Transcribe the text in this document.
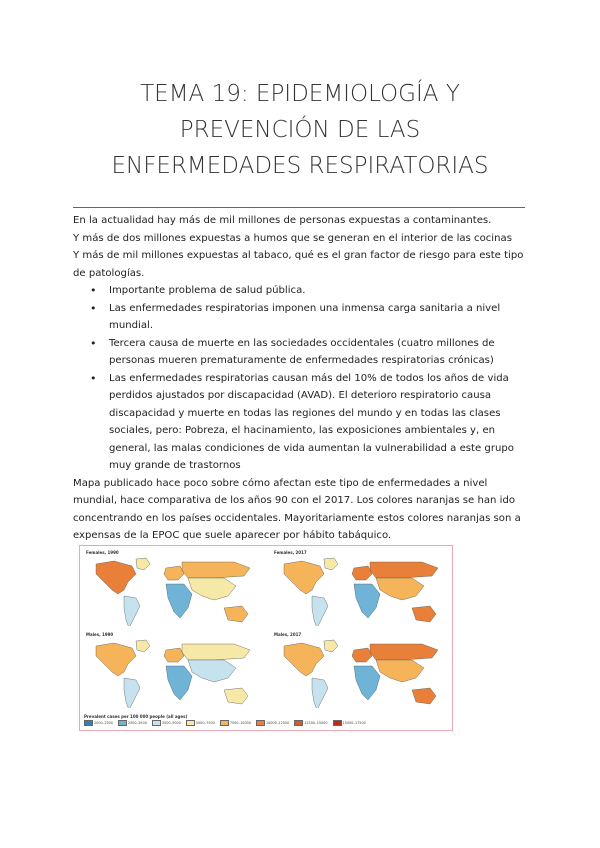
TEMA 19: EPIDEMIOLOGÍA Y
PREVENCIÓN DE LAS
ENFERMEDADES RESPIRATORIAS

En la actualidad hay más de mil millones de personas expuestas a contaminantes.

Y más de dos millones expuestas a humos que se generan en el interior de las cocinas

Y más de mil millones expuestas al tabaco, qué es el gran factor de riesgo para este tipo de patologías.

• Importante problema de salud pública.
• Las enfermedades respiratorias imponen una inmensa carga sanitaria a nivel mundial.
• Tercera causa de muerte en las sociedades occidentales (cuatro millones de personas mueren prematuramente de enfermedades respiratorias crónicas)
• Las enfermedades respiratorias causan más del 10% de todos los años de vida perdidos ajustados por discapacidad (AVAD). El deterioro respiratorio causa discapacidad y muerte en todas las regiones del mundo y en todas las clases sociales, pero: Pobreza, el hacinamiento, las exposiciones ambientales y, en general, las malas condiciones de vida aumentan la vulnerabilidad a este grupo muy grande de trastornos

Mapa publicado hace poco sobre cómo afectan este tipo de enfermedades a nivel mundial, hace comparativa de los años 90 con el 2017. Los colores naranjas se han ido concentrando en los países occidentales. Mayoritariamente estos colores naranjas son a expensas de la EPOC que suele aparecer por hábito tabáquico.

Females, 1990	Females, 2017
Males, 1990	Males, 2017
Prevalent cases per 100 000 people (all ages)
2000–2500	2500–3500	3500–5000	5000–7500	7500–10000	10000–12500	12500–15000	15000–17500
